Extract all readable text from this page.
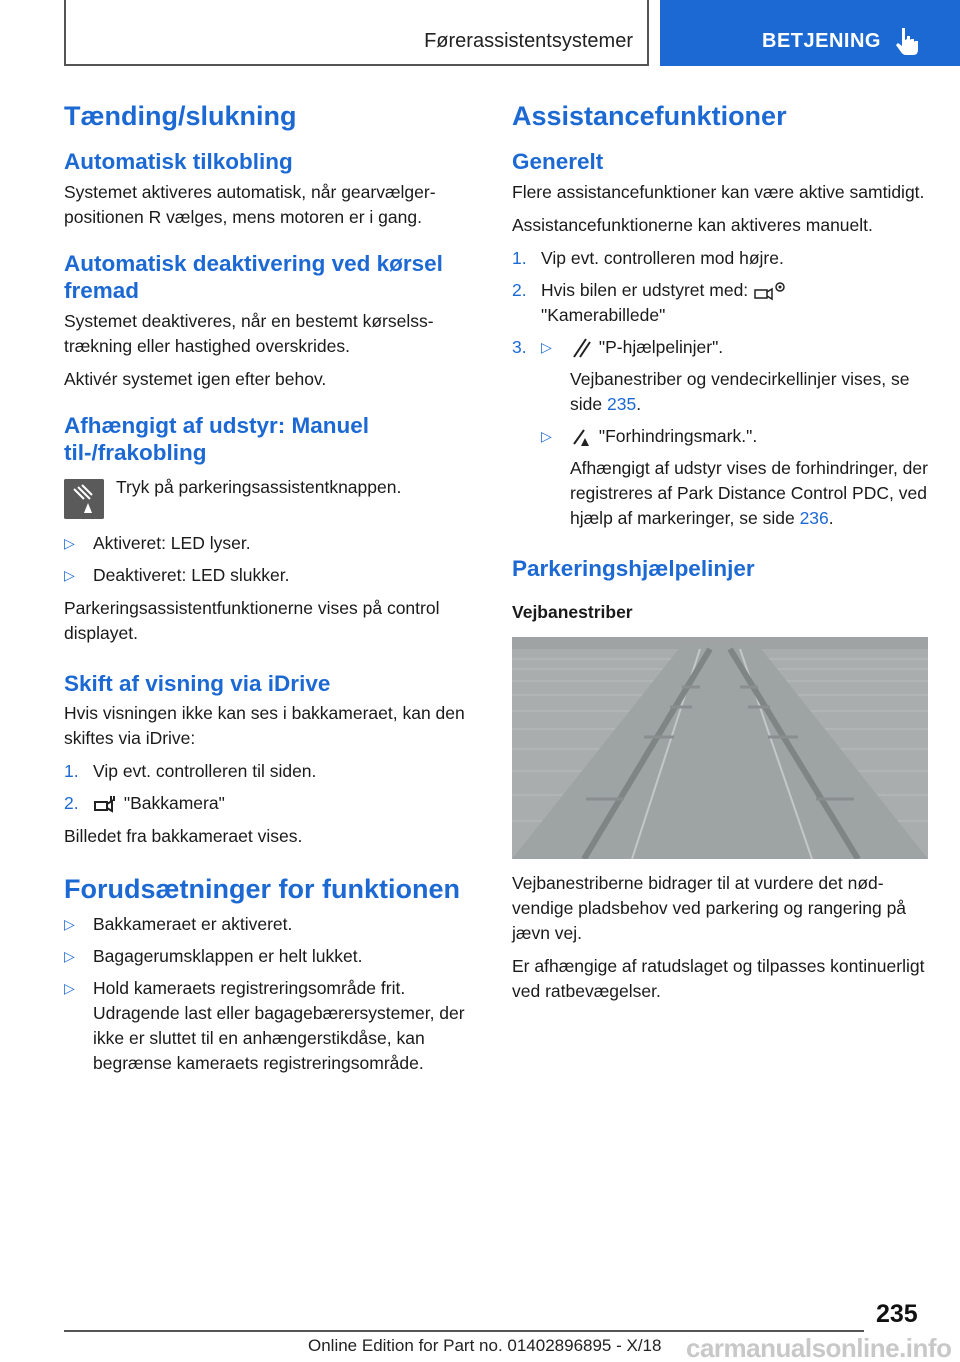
Førerassistentsystemer	BETJENING
Tænding/slukning
Automatisk tilkobling

Systemet aktiveres automatisk, når gearvælgerpositionen R vælges, mens motoren er i gang.

Automatisk deaktivering ved kørsel fremad

Systemet deaktiveres, når en bestemt kørselsstrækning eller hastighed overskrides.

Aktivér systemet igen efter behov.

Afhængigt af udstyr: Manuel til-/frakobling

Tryk på parkeringsassistentknappen.

▷ Aktiveret: LED lyser.
▷ Deaktiveret: LED slukker.

Parkeringsassistentfunktionerne vises på control displayet.

Skift af visning via iDrive

Hvis visningen ikke kan ses i bakkameraet, kan den skiftes via iDrive:

1. Vip evt. controlleren til siden.
2.	"Bakkamera"

Billedet fra bakkameraet vises.

Forudsætninger for funktionen
▷ Bakkameraet er aktiveret.
▷ Bagagerumsklappen er helt lukket.
▷ Hold kameraets registreringsområde frit. Udragende last eller bagagebærersystemer, der ikke er sluttet til en anhængerstikdåse, kan begrænse kameraets registreringsområde.
Assistancefunktioner
Generelt

Flere assistancefunktioner kan være aktive samtidigt.

Assistancefunktionerne kan aktiveres manuelt.

1. Vip evt. controlleren mod højre.
2. Hvis bilen er udstyret med:
"Kamerabillede"
3. ▷	"P-hjælpelinjer".

Vejbanestriber og vendecirkellinjer vises, se side 235.
▷	"Forhindringsmark.".

Afhængigt af udstyr vises de forhindringer, der registreres af Park Distance Control PDC, ved hjælp af markeringer, se side 236.
Parkeringshjælpelinjer
Vejbanestriber

Vejbanestriberne bidrager til at vurdere det nødvendige pladsbehov ved parkering og rangering på jævn vej.

Er afhængige af ratudslaget og tilpasses kontinuerligt ved ratbevægelser.

235
Online Edition for Part no. 01402896895 - X/18 carmanualsonline.info
